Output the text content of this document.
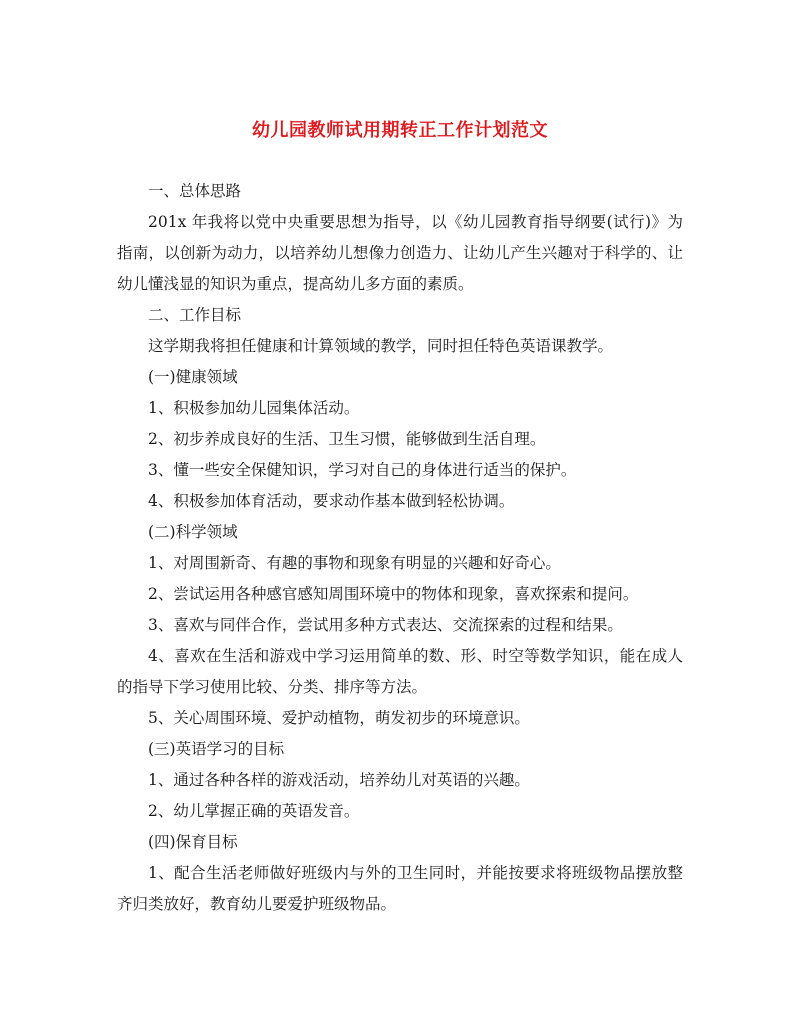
幼儿园教师试用期转正工作计划范文

一、总体思路

201x 年我将以党中央重要思想为指导，以《幼儿园教育指导纲要(试行)》为指南，以创新为动力，以培养幼儿想像力创造力、让幼儿产生兴趣对于科学的、让幼儿懂浅显的知识为重点，提高幼儿多方面的素质。

二、工作目标

这学期我将担任健康和计算领域的教学，同时担任特色英语课教学。

(一)健康领域

1、积极参加幼儿园集体活动。

2、初步养成良好的生活、卫生习惯，能够做到生活自理。

3、懂一些安全保健知识，学习对自己的身体进行适当的保护。

4、积极参加体育活动，要求动作基本做到轻松协调。

(二)科学领域

1、对周围新奇、有趣的事物和现象有明显的兴趣和好奇心。

2、尝试运用各种感官感知周围环境中的物体和现象，喜欢探索和提问。

3、喜欢与同伴合作，尝试用多种方式表达、交流探索的过程和结果。

4、喜欢在生活和游戏中学习运用简单的数、形、时空等数学知识，能在成人的指导下学习使用比较、分类、排序等方法。

5、关心周围环境、爱护动植物，萌发初步的环境意识。

(三)英语学习的目标

1、通过各种各样的游戏活动，培养幼儿对英语的兴趣。

2、幼儿掌握正确的英语发音。

(四)保育目标

1、配合生活老师做好班级内与外的卫生同时，并能按要求将班级物品摆放整齐归类放好，教育幼儿要爱护班级物品。
